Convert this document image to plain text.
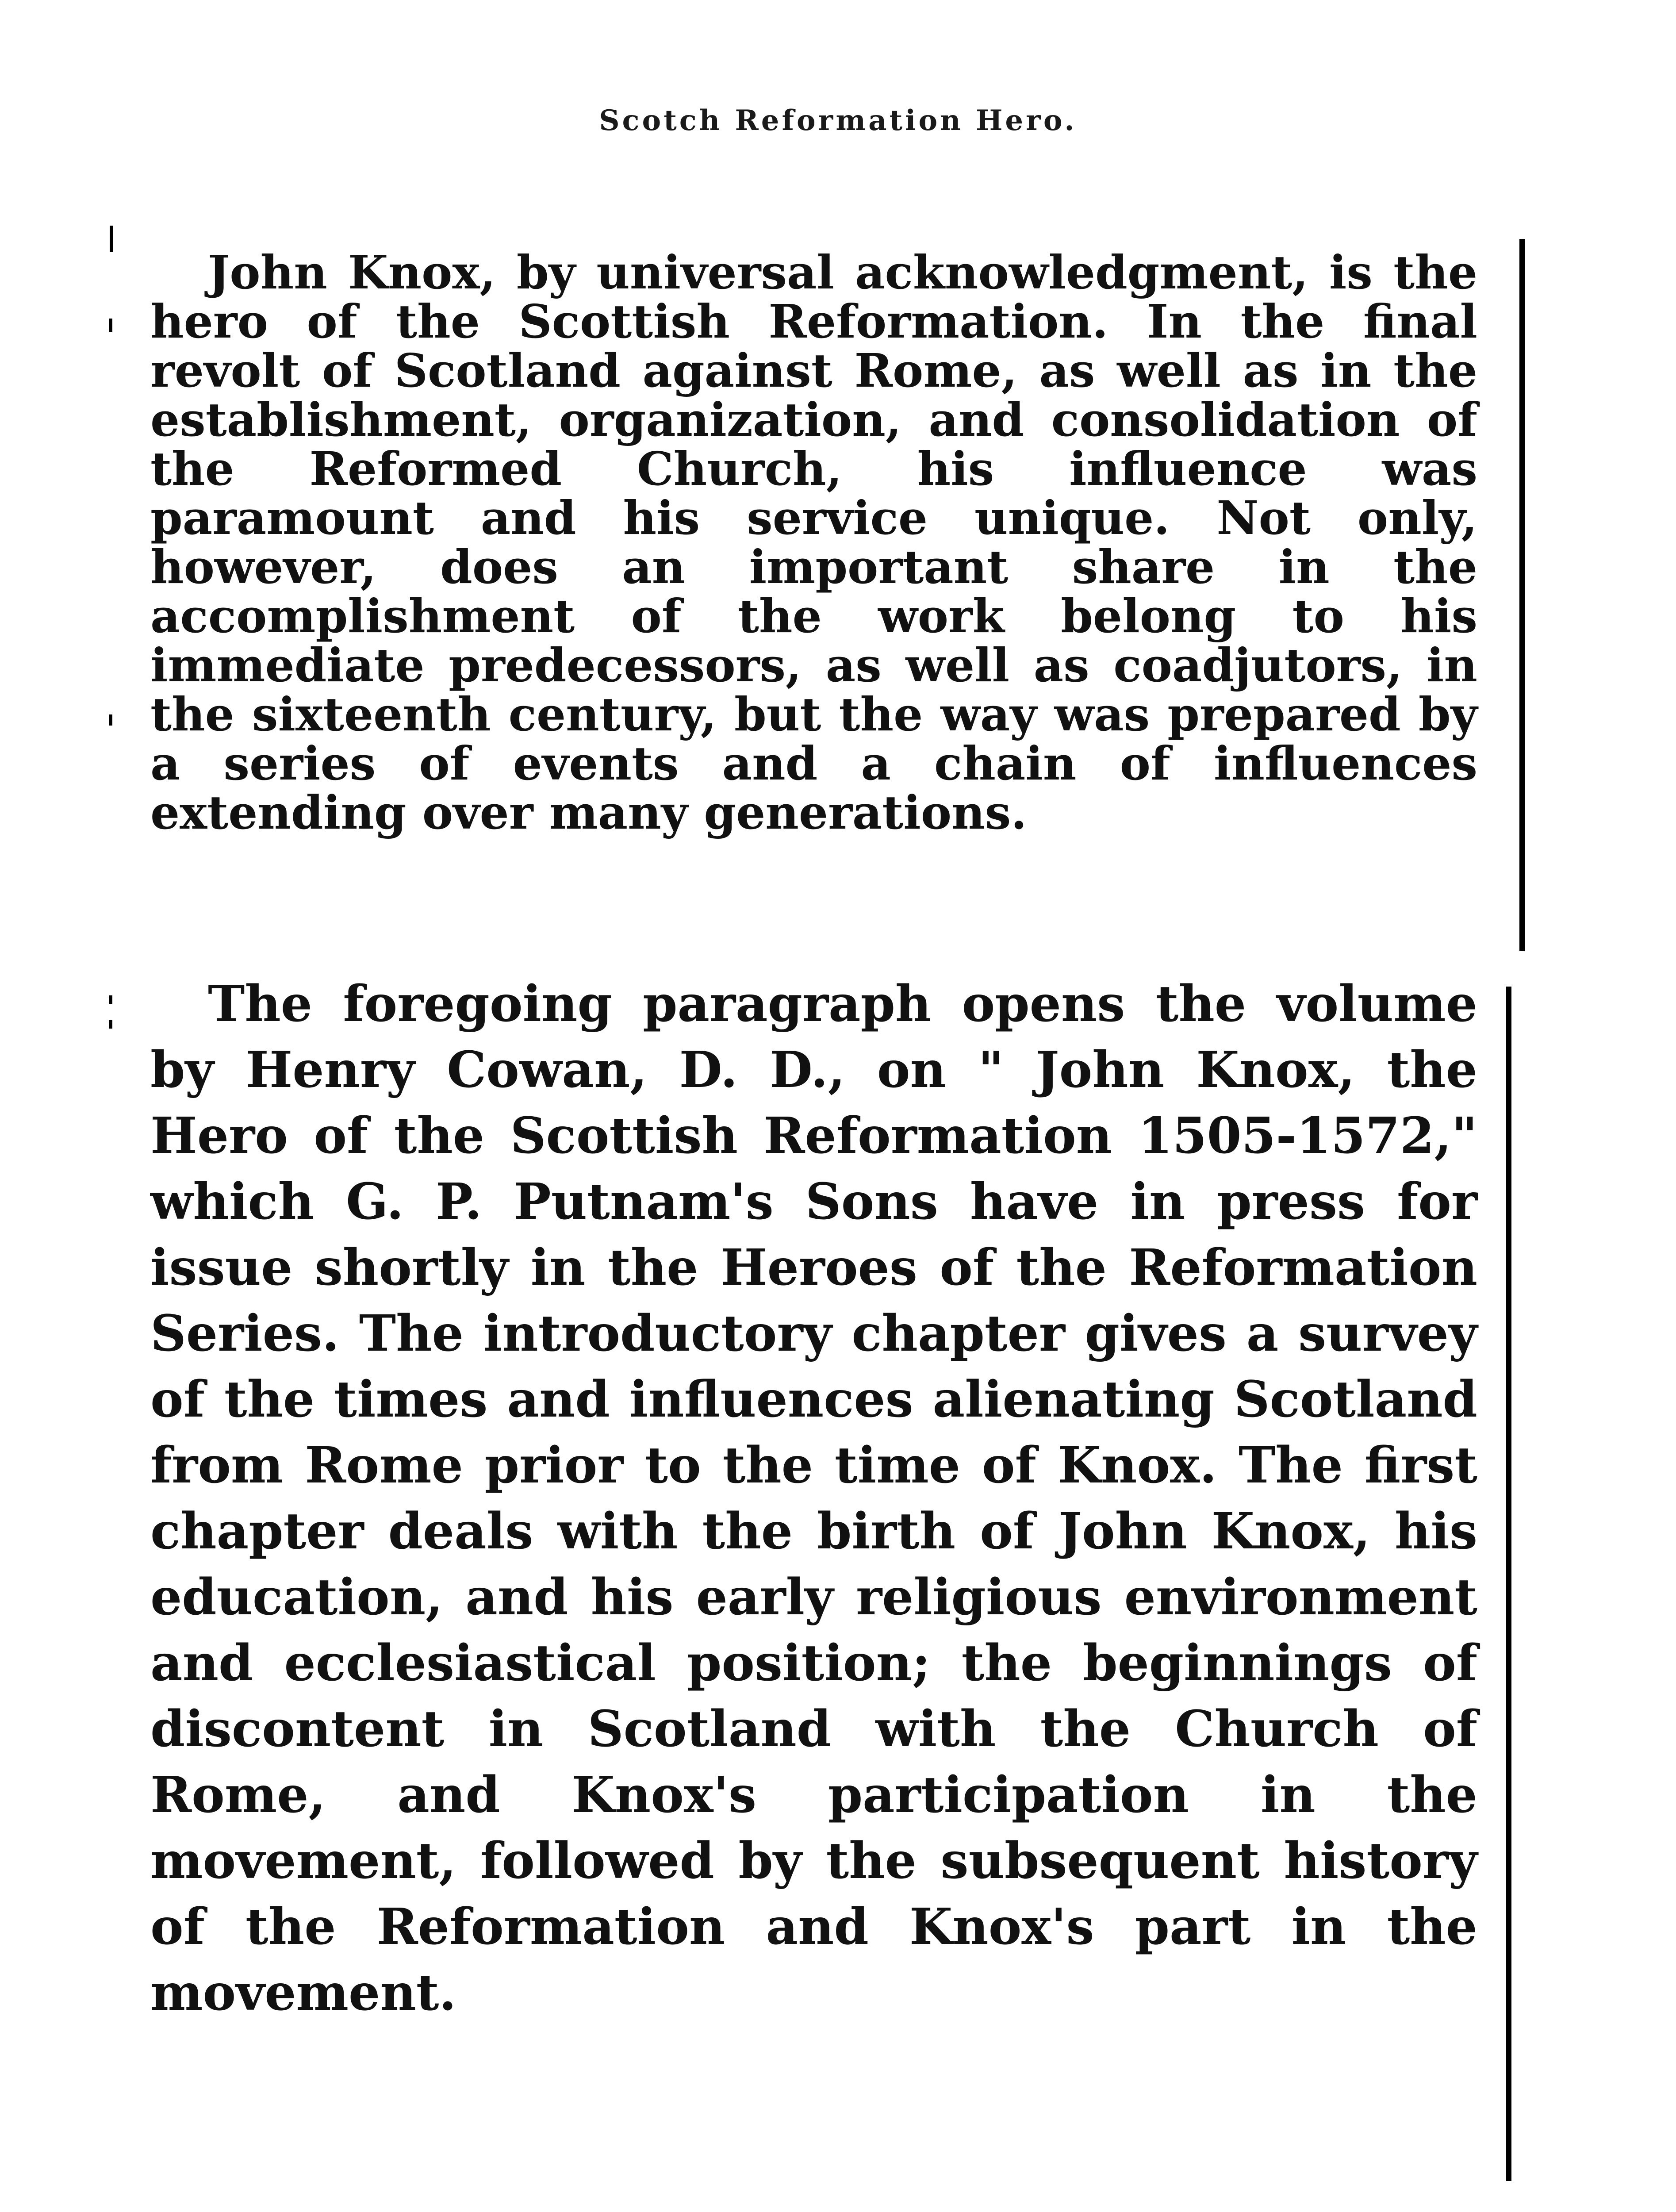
Scotch Reformation Hero.

John Knox, by universal acknowledgment, is the hero of the Scottish Reformation. In the final revolt of Scotland against Rome, as well as in the establishment, organization, and consolidation of the Reformed Church, his influence was paramount and his service unique. Not only, however, does an important share in the accomplishment of the work belong to his immediate predecessors, as well as coadjutors, in the sixteenth century, but the way was prepared by a series of events and a chain of influences extending over many generations.

The foregoing paragraph opens the volume by Henry Cowan, D. D., on " John Knox, the Hero of the Scottish Reformation 1505-1572," which G. P. Putnam's Sons have in press for issue shortly in the Heroes of the Reformation Series. The introductory chapter gives a survey of the times and influences alienating Scotland from Rome prior to the time of Knox. The first chapter deals with the birth of John Knox, his education, and his early religious environment and ecclesiastical position; the beginnings of discontent in Scotland with the Church of Rome, and Knox's participation in the movement, followed by the subsequent history of the Reformation and Knox's part in the movement.
